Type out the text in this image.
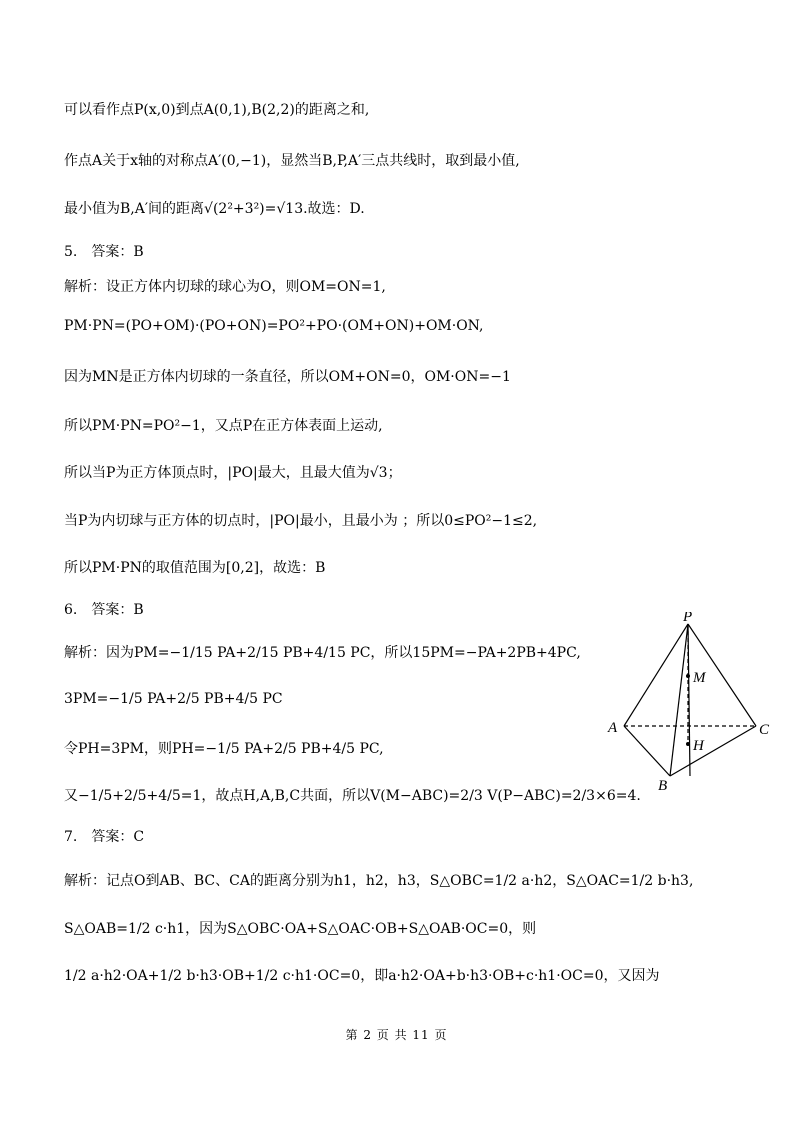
可以看作点P(x,0)到点A(0,1),B(2,2)的距离之和,
作点A关于x轴的对称点A′(0,−1)，显然当B,P,A′三点共线时，取到最小值,
最小值为B,A′间的距离√(2²+3²)=√13.故选：D.
5.　答案：B
解析：设正方体内切球的球心为O，则OM=ON=1,
PM·PN=(PO+OM)·(PO+ON)=PO²+PO·(OM+ON)+OM·ON,
因为MN是正方体内切球的一条直径，所以OM+ON=0，OM·ON=−1
所以PM·PN=PO²−1，又点P在正方体表面上运动,
所以当P为正方体顶点时，|PO|最大，且最大值为√3；
当P为内切球与正方体的切点时，|PO|最小，且最小为 ；所以0≤PO²−1≤2,
所以PM·PN的取值范围为[0,2]，故选：B
6.　答案：B
解析：因为PM=−1/15 PA+2/15 PB+4/15 PC，所以15PM=−PA+2PB+4PC,
3PM=−1/5 PA+2/5 PB+4/5 PC
令PH=3PM，则PH=−1/5 PA+2/5 PB+4/5 PC,
又−1/5+2/5+4/5=1，故点H,A,B,C共面，所以V(M−ABC)=2/3 V(P−ABC)=2/3×6=4.
7.　答案：C
解析：记点O到AB、BC、CA的距离分别为h1，h2，h3，S△OBC=1/2 a·h2，S△OAC=1/2 b·h3,
S△OAB=1/2 c·h1，因为S△OBC·OA+S△OAC·OB+S△OAB·OC=0，则
1/2 a·h2·OA+1/2 b·h3·OB+1/2 c·h1·OC=0，即a·h2·OA+b·h3·OB+c·h1·OC=0，又因为
P
M
A	C
H
B
第 2 页 共 11 页
